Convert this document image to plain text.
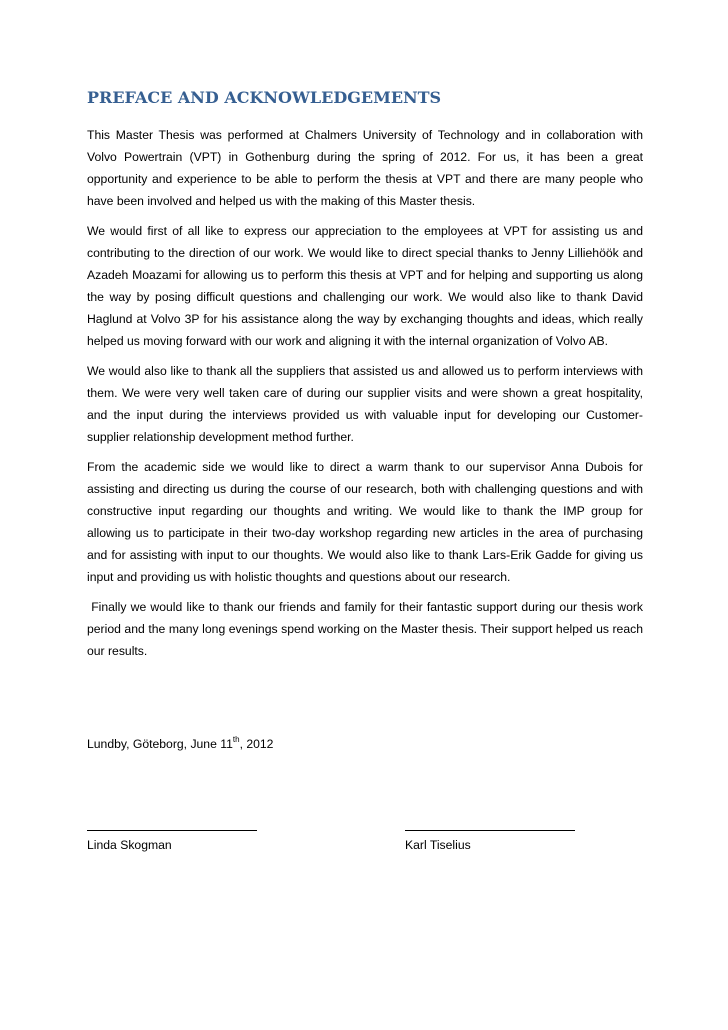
PREFACE AND ACKNOWLEDGEMENTS

This Master Thesis was performed at Chalmers University of Technology and in collaboration with Volvo Powertrain (VPT) in Gothenburg during the spring of 2012. For us, it has been a great opportunity and experience to be able to perform the thesis at VPT and there are many people who have been involved and helped us with the making of this Master thesis.

We would first of all like to express our appreciation to the employees at VPT for assisting us and contributing to the direction of our work. We would like to direct special thanks to Jenny Lilliehöök and Azadeh Moazami for allowing us to perform this thesis at VPT and for helping and supporting us along the way by posing difficult questions and challenging our work. We would also like to thank David Haglund at Volvo 3P for his assistance along the way by exchanging thoughts and ideas, which really helped us moving forward with our work and aligning it with the internal organization of Volvo AB.

We would also like to thank all the suppliers that assisted us and allowed us to perform interviews with them. We were very well taken care of during our supplier visits and were shown a great hospitality, and the input during the interviews provided us with valuable input for developing our Customer-supplier relationship development method further.

From the academic side we would like to direct a warm thank to our supervisor Anna Dubois for assisting and directing us during the course of our research, both with challenging questions and with constructive input regarding our thoughts and writing. We would like to thank the IMP group for allowing us to participate in their two-day workshop regarding new articles in the area of purchasing and for assisting with input to our thoughts. We would also like to thank Lars-Erik Gadde for giving us input and providing us with holistic thoughts and questions about our research.

Finally we would like to thank our friends and family for their fantastic support during our thesis work period and the many long evenings spend working on the Master thesis. Their support helped us reach our results.

Lundby, Göteborg, June 11th, 2012
Linda Skogman	Karl Tiselius
